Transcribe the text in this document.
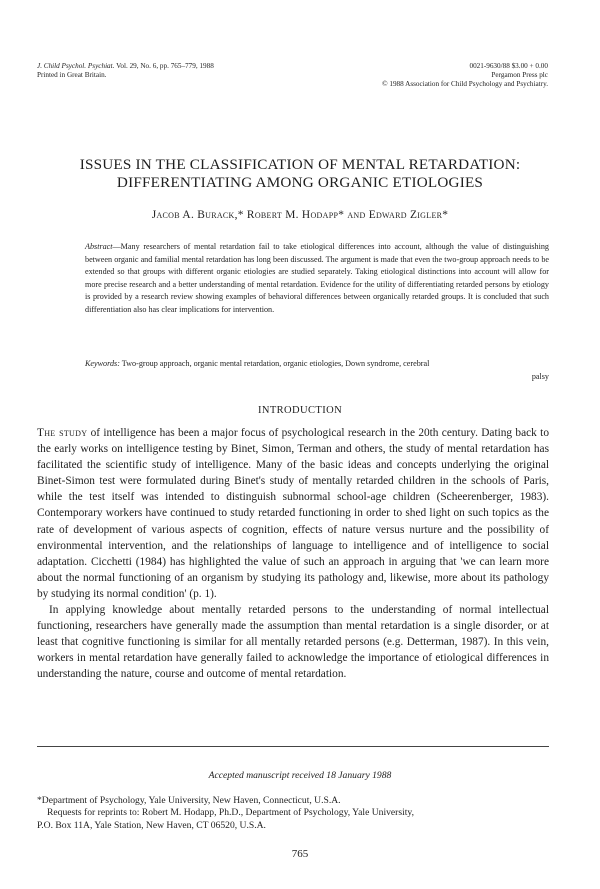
J. Child Psychol. Psychiat. Vol. 29, No. 6, pp. 765–779, 1988
Printed in Great Britain.
0021-9630/88 $3.00 + 0.00
Pergamon Press plc
© 1988 Association for Child Psychology and Psychiatry.
ISSUES IN THE CLASSIFICATION OF MENTAL RETARDATION:
DIFFERENTIATING AMONG ORGANIC ETIOLOGIES
Jacob A. Burack,* Robert M. Hodapp* and Edward Zigler*
Abstract—Many researchers of mental retardation fail to take etiological differences into account, although the value of distinguishing between organic and familial mental retardation has long been discussed. The argument is made that even the two-group approach needs to be extended so that groups with different organic etiologies are studied separately. Taking etiological distinctions into account will allow for more precise research and a better understanding of mental retardation. Evidence for the utility of differentiating retarded persons by etiology is provided by a research review showing examples of behavioral differences between organically retarded groups. It is concluded that such differentiation also has clear implications for intervention.
Keywords: Two-group approach, organic mental retardation, organic etiologies, Down syndrome, cerebral
palsy
INTRODUCTION

The study of intelligence has been a major focus of psychological research in the 20th century. Dating back to the early works on intelligence testing by Binet, Simon, Terman and others, the study of mental retardation has facilitated the scientific study of intelligence. Many of the basic ideas and concepts underlying the original Binet-Simon test were formulated during Binet's study of mentally retarded children in the schools of Paris, while the test itself was intended to distinguish subnormal school-age children (Scheerenberger, 1983). Contemporary workers have continued to study retarded functioning in order to shed light on such topics as the rate of development of various aspects of cognition, effects of nature versus nurture and the possibility of environmental intervention, and the relationships of language to intelligence and of intelligence to social adaptation. Cicchetti (1984) has highlighted the value of such an approach in arguing that 'we can learn more about the normal functioning of an organism by studying its pathology and, likewise, more about its pathology by studying its normal condition' (p. 1).

In applying knowledge about mentally retarded persons to the understanding of normal intellectual functioning, researchers have generally made the assumption than mental retardation is a single disorder, or at least that cognitive functioning is similar for all mentally retarded persons (e.g. Detterman, 1987). In this vein, workers in mental retardation have generally failed to acknowledge the importance of etiological differences in understanding the nature, course and outcome of mental retardation.

Accepted manuscript received 18 January 1988
*Department of Psychology, Yale University, New Haven, Connecticut, U.S.A.
Requests for reprints to: Robert M. Hodapp, Ph.D., Department of Psychology, Yale University,
P.O. Box 11A, Yale Station, New Haven, CT 06520, U.S.A.
765
